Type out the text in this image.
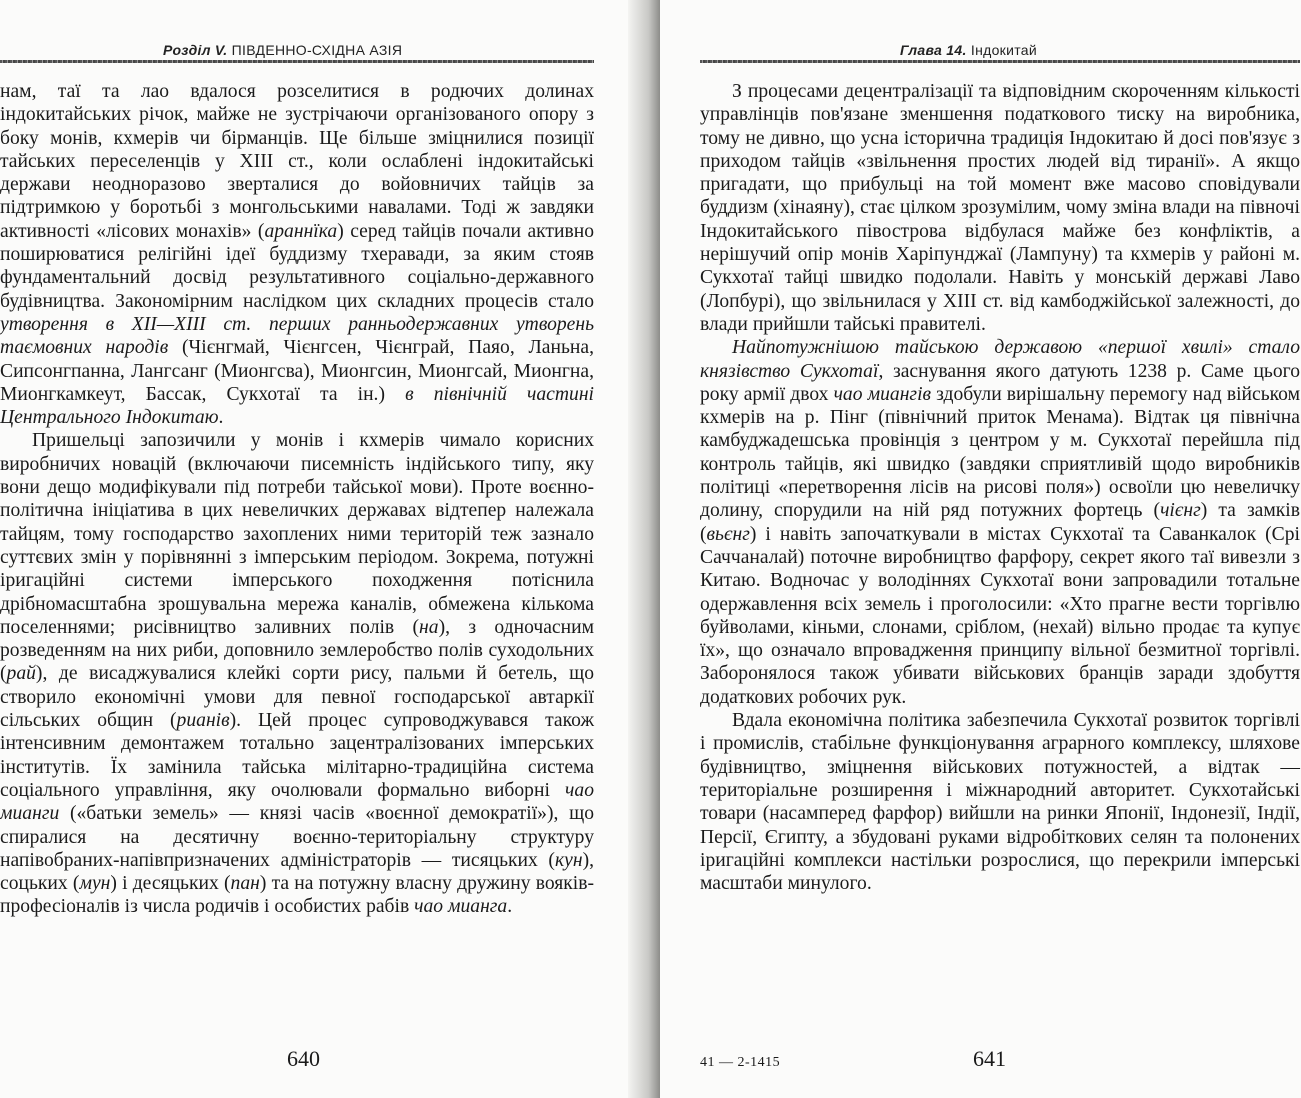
Розділ V. ПІВДЕННО-СХІДНА АЗІЯ

нам, таї та лао вдалося розселитися в родючих долинах індокитайських річок, майже не зустрічаючи організованого опору з боку монів, кхмерів чи бірманців. Ще більше зміцнилися позиції тайських переселенців у XIII ст., коли ослаблені індокитайські держави неодноразово зверталися до войовничих тайців за підтримкою у боротьбі з монгольськими навалами. Тоді ж завдяки активності «лісових монахів» (араннїка) серед тайців почали активно поширюватися релігійні ідеї буддизму тхеравади, за яким стояв фундаментальний досвід результативного соціально-державного будівництва. Закономірним наслідком цих складних процесів стало утворення в XII—XIII ст. перших ранньодержавних утворень таємовних народів (Чієнгмай, Чієнгсен, Чієнграй, Паяо, Ланьна, Сипсонгпанна, Лангсанг (Мионгсва), Мионгсин, Мионгсай, Мионгна, Мионгкамкеут, Бассак, Сукхотаї та ін.) в північній частині Центрального Індокитаю.

Пришельці запозичили у монів і кхмерів чимало корисних виробничих новацій (включаючи писемність індійського типу, яку вони дещо модифікували під потреби тайської мови). Проте воєнно-політична ініціатива в цих невеличких державах відтепер належала тайцям, тому господарство захоплених ними територій теж зазнало суттєвих змін у порівнянні з імперським періодом. Зокрема, потужні іригаційні системи імперського походження потіснила дрібномасштабна зрошувальна мережа каналів, обмежена кількома поселеннями; рисівництво заливних полів (на), з одночасним розведенням на них риби, доповнило землеробство полів суходольних (рай), де висаджувалися клейкі сорти рису, пальми й бетель, що створило економічні умови для певної господарської автаркії сільських общин (рианів). Цей процес супроводжувався також інтенсивним демонтажем тотально зацентралізованих імперських інститутів. Їх замінила тайська мілітарно-традиційна система соціального управління, яку очолювали формально виборні чао миангu («батьки земель» — князі часів «воєнної демократії»), що спиралися на десятичну воєнно-територіальну структуру напівобраних-напівпризначених адміністраторів — тисяцьких (кун), соцьких (мун) і десяцьких (пан) та на потужну власну дружину вояків-професіоналів із числа родичів і особистих рабів чао мианга.

640
Глава 14. Індокитай

З процесами децентралізації та відповідним скороченням кількості управлінців пов'язане зменшення податкового тиску на виробника, тому не дивно, що усна історична традиція Індокитаю й досі пов'язує з приходом тайців «звільнення простих людей від тиранії». А якщо пригадати, що прибульці на той момент вже масово сповідували буддизм (хінаяну), стає цілком зрозумілим, чому зміна влади на півночі Індокитайського півострова відбулася майже без конфліктів, а нерішучий опір монів Харіпунджаї (Лампуну) та кхмерів у районі м. Сукхотаї тайці швидко подолали. Навіть у монській державі Лаво (Лопбурі), що звільнилася у XIII ст. від камбоджійської залежності, до влади прийшли тайські правителі.

Найпотужнішою тайською державою «першої хвилі» стало князівство Сукхотаї, заснування якого датують 1238 р. Саме цього року армії двох чао миангів здобули вирішальну перемогу над військом кхмерів на р. Пінг (північний приток Менама). Відтак ця північна камбуджадешська провінція з центром у м. Сукхотаї перейшла під контроль тайців, які швидко (завдяки сприятливій щодо виробників політиці «перетворення лісів на рисові поля») освоїли цю невеличку долину, спорудили на ній ряд потужних фортець (чієнг) та замків (вьєнг) і навіть започаткували в містах Сукхотаї та Саванкалок (Срі Саччаналай) поточне виробництво фарфору, секрет якого таї вивезли з Китаю. Водночас у володіннях Сукхотаї вони запровадили тотальне одержавлення всіх земель і проголосили: «Хто прагне вести торгівлю буйволами, кіньми, слонами, сріблом, (нехай) вільно продає та купує їх», що означало впровадження принципу вільної безмитної торгівлі. Заборонялося також убивати військових бранців заради здобуття додаткових робочих рук.

Вдала економічна політика забезпечила Сукхотаї розвиток торгівлі і промислів, стабільне функціонування аграрного комплексу, шляхове будівництво, зміцнення військових потужностей, а відтак — територіальне розширення і міжнародний авторитет. Сукхотайські товари (насамперед фарфор) вийшли на ринки Японії, Індонезії, Індії, Персії, Єгипту, а збудовані руками відробіткових селян та полонених іригаційні комплекси настільки розрослися, що перекрили імперські масштаби минулого.

41 — 2-1415	641
